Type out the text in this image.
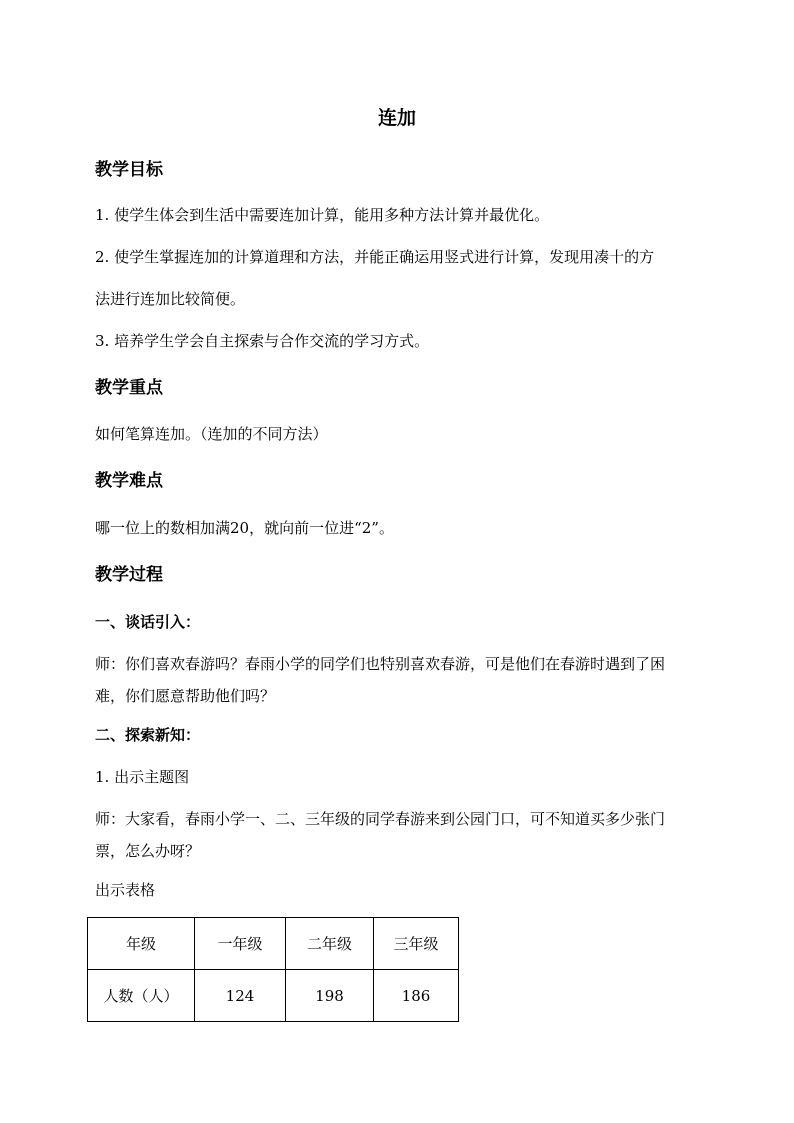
连加
教学目标
1. 使学生体会到生活中需要连加计算，能用多种方法计算并最优化。
2. 使学生掌握连加的计算道理和方法，并能正确运用竖式进行计算，发现用凑十的方
法进行连加比较简便。
3. 培养学生学会自主探索与合作交流的学习方式。
教学重点
如何笔算连加。（连加的不同方法）
教学难点
哪一位上的数相加满20，就向前一位进“2”。
教学过程
一、谈话引入：
师：你们喜欢春游吗？春雨小学的同学们也特别喜欢春游，可是他们在春游时遇到了困
难，你们愿意帮助他们吗？
二、探索新知：
1. 出示主题图
师：大家看，春雨小学一、二、三年级的同学春游来到公园门口，可不知道买多少张门
票，怎么办呀？
出示表格
年级	一年级	二年级	三年级
人数（人）	124	198	186
